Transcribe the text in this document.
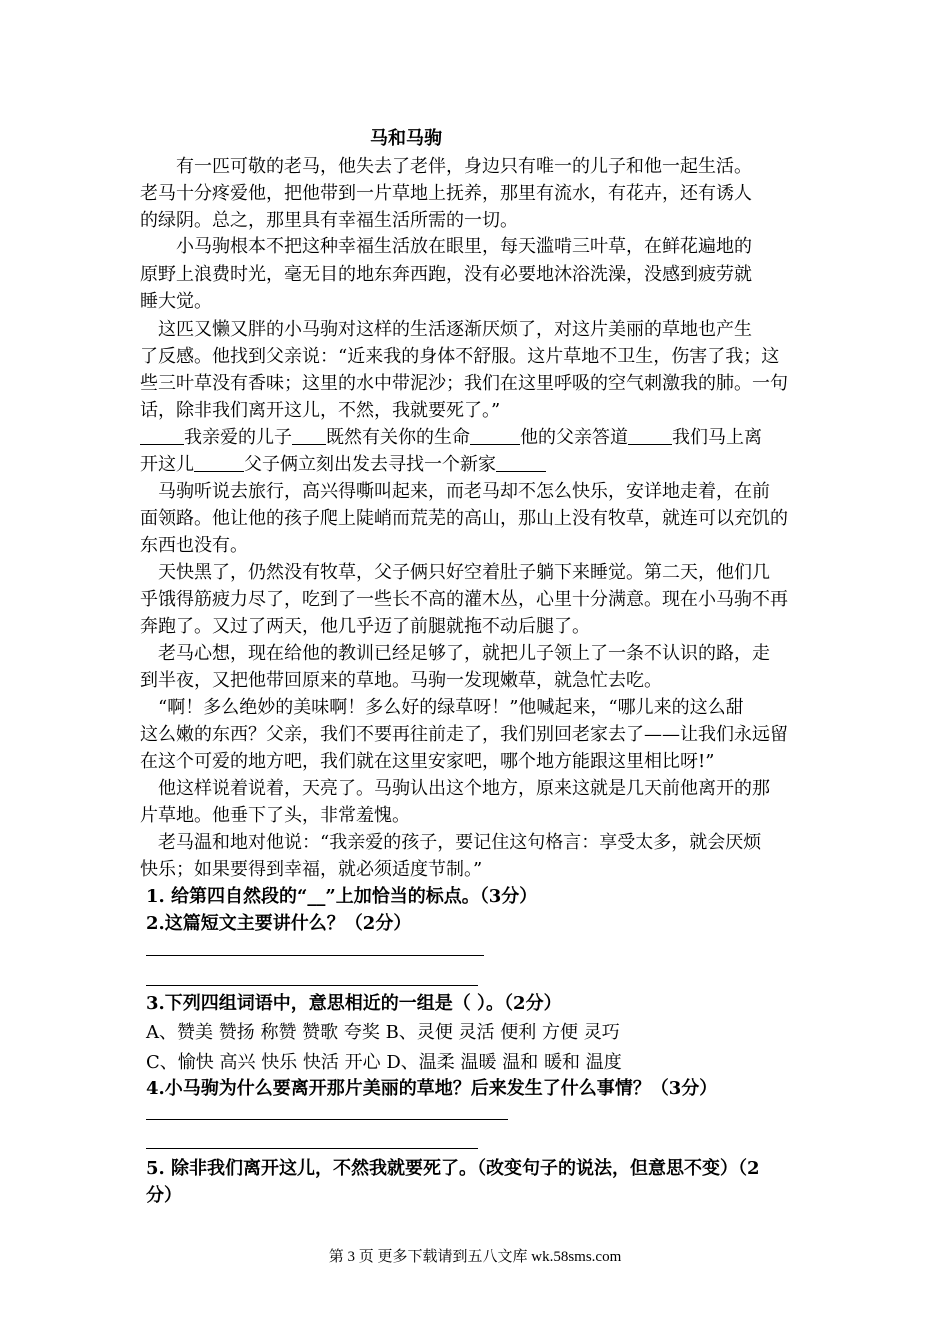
马和马驹
有一匹可敬的老马，他失去了老伴，身边只有唯一的儿子和他一起生活。
老马十分疼爱他，把他带到一片草地上抚养，那里有流水，有花卉，还有诱人
的绿阴。总之，那里具有幸福生活所需的一切。
小马驹根本不把这种幸福生活放在眼里，每天滥啃三叶草，在鲜花遍地的
原野上浪费时光，毫无目的地东奔西跑，没有必要地沐浴洗澡，没感到疲劳就
睡大觉。
这匹又懒又胖的小马驹对这样的生活逐渐厌烦了，对这片美丽的草地也产生
了反感。他找到父亲说：“近来我的身体不舒服。这片草地不卫生，伤害了我；这
些三叶草没有香味；这里的水中带泥沙；我们在这里呼吸的空气刺激我的肺。一句
话，除非我们离开这儿，不然，我就要死了。”
我亲爱的儿子 既然有关你的生命	他的父亲答道 我们马上离
开这儿	父子俩立刻出发去寻找一个新家
马驹听说去旅行，高兴得嘶叫起来，而老马却不怎么快乐，安详地走着，在前
面领路。他让他的孩子爬上陡峭而荒芜的高山，那山上没有牧草，就连可以充饥的
东西也没有。
天快黑了，仍然没有牧草，父子俩只好空着肚子躺下来睡觉。第二天，他们几
乎饿得筋疲力尽了，吃到了一些长不高的灌木丛，心里十分满意。现在小马驹不再
奔跑了。又过了两天，他几乎迈了前腿就拖不动后腿了。
老马心想，现在给他的教训已经足够了，就把儿子领上了一条不认识的路，走
到半夜，又把他带回原来的草地。马驹一发现嫩草，就急忙去吃。
“啊！多么绝妙的美味啊！多么好的绿草呀！”他喊起来，“哪儿来的这么甜
这么嫩的东西？父亲，我们不要再往前走了，我们别回老家去了——让我们永远留
在这个可爱的地方吧，我们就在这里安家吧，哪个地方能跟这里相比呀!”
他这样说着说着，天亮了。马驹认出这个地方，原来这就是几天前他离开的那
片草地。他垂下了头，非常羞愧。
老马温和地对他说：“我亲爱的孩子，要记住这句格言：享受太多，就会厌烦
快乐；如果要得到幸福，就必须适度节制。”
1. 给第四自然段的“__”上加恰当的标点。（3分）
2.这篇短文主要讲什么？（2分）
3.下列四组词语中，意思相近的一组是（ ）。（2分）
A、赞美 赞扬 称赞 赞歌 夸奖 B、灵便 灵活 便利 方便 灵巧
C、愉快 高兴 快乐 快活 开心 D、温柔 温暖 温和 暖和 温度
4.小马驹为什么要离开那片美丽的草地？后来发生了什么事情？（3分）
5. 除非我们离开这儿，不然我就要死了。（改变句子的说法，但意思不变）（2
分）
第 3 页 更多下载请到五八文库 wk.58sms.com
